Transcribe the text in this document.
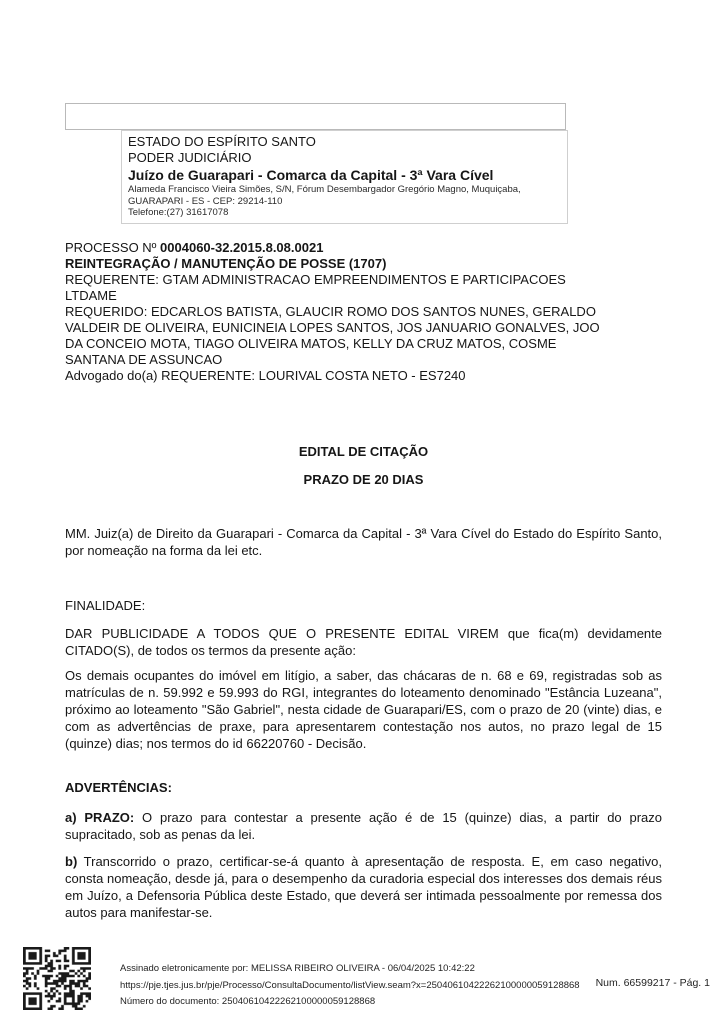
ESTADO DO ESPÍRITO SANTO
PODER JUDICIÁRIO
Juízo de Guarapari - Comarca da Capital - 3ª Vara Cível
Alameda Francisco Vieira Simões, S/N, Fórum Desembargador Gregório Magno, Muquiçaba, GUARAPARI - ES - CEP: 29214-110
Telefone:(27) 31617078
PROCESSO Nº 0004060-32.2015.8.08.0021
REINTEGRAÇÃO / MANUTENÇÃO DE POSSE (1707)
REQUERENTE: GTAM ADMINISTRACAO EMPREENDIMENTOS E PARTICIPACOES LTDAME
REQUERIDO: EDCARLOS BATISTA, GLAUCIR ROMO DOS SANTOS NUNES, GERALDO VALDEIR DE OLIVEIRA, EUNICINEIA LOPES SANTOS, JOS JANUARIO GONALVES, JOO DA CONCEIO MOTA, TIAGO OLIVEIRA MATOS, KELLY DA CRUZ MATOS, COSME SANTANA DE ASSUNCAO
Advogado do(a) REQUERENTE: LOURIVAL COSTA NETO - ES7240
EDITAL DE CITAÇÃO
PRAZO DE 20 DIAS
MM. Juiz(a) de Direito da Guarapari - Comarca da Capital - 3ª Vara Cível do Estado do Espírito Santo, por nomeação na forma da lei etc.
FINALIDADE:
DAR PUBLICIDADE A TODOS QUE O PRESENTE EDITAL VIREM que fica(m) devidamente CITADO(S), de todos os termos da presente ação:
Os demais ocupantes do imóvel em litígio, a saber, das chácaras de n. 68 e 69, registradas sob as matrículas de n. 59.992 e 59.993 do RGI, integrantes do loteamento denominado "Estância Luzeana", próximo ao loteamento "São Gabriel", nesta cidade de Guarapari/ES, com o prazo de 20 (vinte) dias, e com as advertências de praxe, para apresentarem contestação nos autos, no prazo legal de 15 (quinze) dias; nos termos do id 66220760 - Decisão.
ADVERTÊNCIAS:
a) PRAZO: O prazo para contestar a presente ação é de 15 (quinze) dias, a partir do prazo supracitado, sob as penas da lei.
b) Transcorrido o prazo, certificar-se-á quanto à apresentação de resposta. E, em caso negativo, consta nomeação, desde já, para o desempenho da curadoria especial dos interesses dos demais réus em Juízo, a Defensoria Pública deste Estado, que deverá ser intimada pessoalmente por remessa dos autos para manifestar-se.
Assinado eletronicamente por: MELISSA RIBEIRO OLIVEIRA - 06/04/2025 10:42:22
https://pje.tjes.jus.br/pje/Processo/ConsultaDocumento/listView.seam?x=25040610422262100000059128868
Número do documento: 25040610422262100000059128868
Num. 66599217 - Pág. 1
